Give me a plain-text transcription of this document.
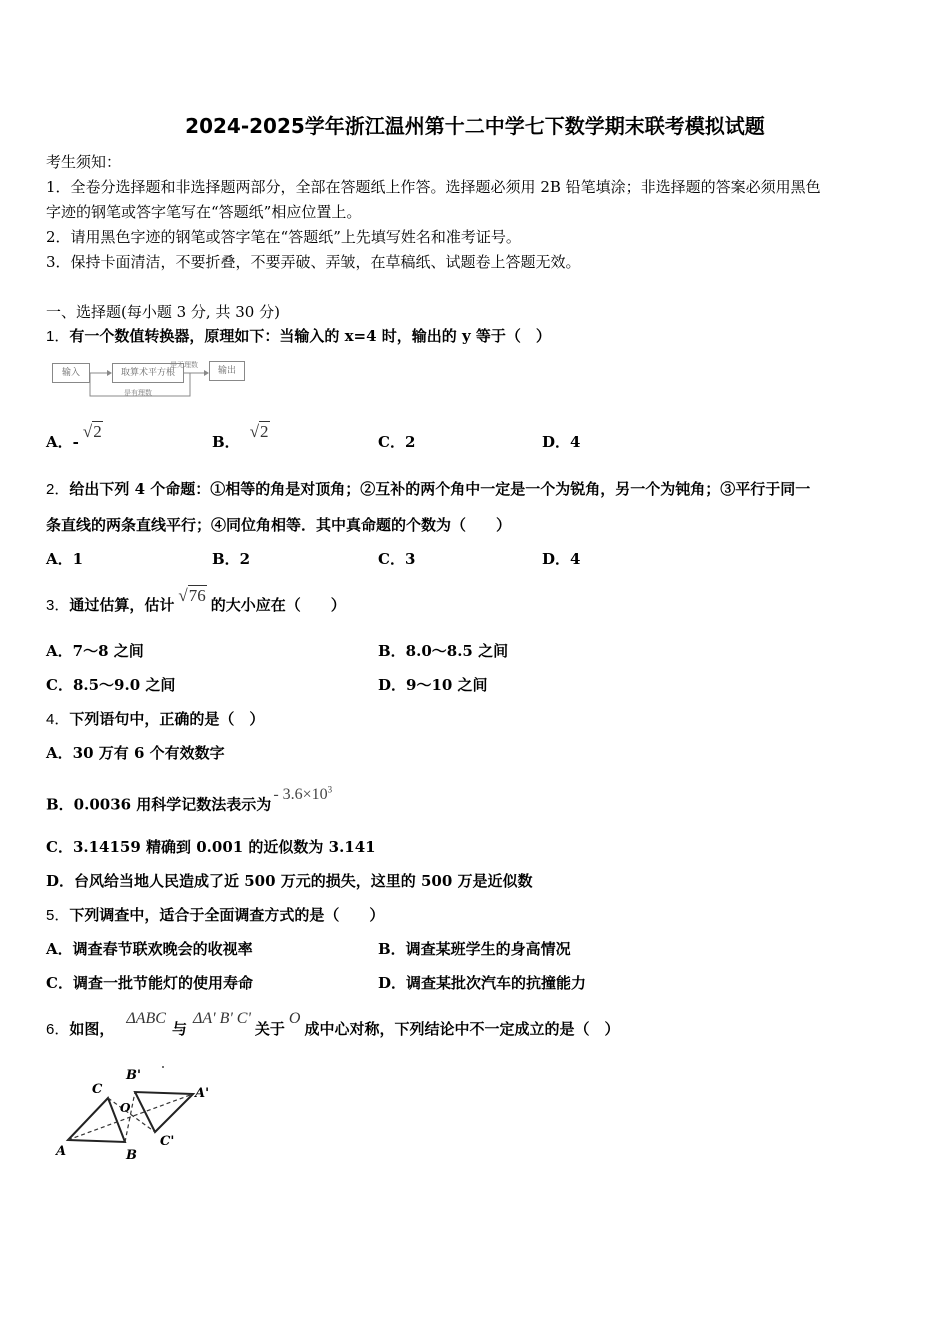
2024-2025学年浙江温州第十二中学七下数学期末联考模拟试题
考生须知：
1．全卷分选择题和非选择题两部分，全部在答题纸上作答。选择题必须用 2B 铅笔填涂；非选择题的答案必须用黑色
字迹的钢笔或答字笔写在“答题纸”相应位置上。
2．请用黑色字迹的钢笔或答字笔在“答题纸”上先填写姓名和准考证号。
3．保持卡面清洁，不要折叠，不要弄破、弄皱，在草稿纸、试题卷上答题无效。
一、选择题(每小题 3 分, 共 30 分)
1．有一个数值转换器，原理如下：当输入的 x=4 时，输出的 y 等于（　）
输入	取算术平方根	输出
是无理数
是有理数
A．-√2
B．√2
C．2	D．4
2．给出下列 4 个命题：①相等的角是对顶角；②互补的两个角中一定是一个为锐角，另一个为钝角；③平行于同一
条直线的两条直线平行；④同位角相等．其中真命题的个数为（　　）
A．1	B．2	C．3	D．4
3．通过估算，估计 √76 的大小应在（　　）
A．7～8 之间	B．8.0～8.5 之间
C．8.5～9.0 之间	D．9～10 之间
4．下列语句中，正确的是（　）
A．30 万有 6 个有效数字
B．0.0036 用科学记数法表示为- $3.6\times 10^3$
C．3.14159 精确到 0.001 的近似数为 3.141
D．台风给当地人民造成了近 500 万元的损失，这里的 500 万是近似数
5．下列调查中，适合于全面调查方式的是（　　）
A．调查春节联欢晚会的收视率	B．调查某班学生的身高情况
C．调查一批节能灯的使用寿命	D．调查某批次汽车的抗撞能力
6．如图，ΔABC与ΔA' B' C'关于O成中心对称，下列结论中不一定成立的是（　）
A	B
C
O
A'
B'
C'
